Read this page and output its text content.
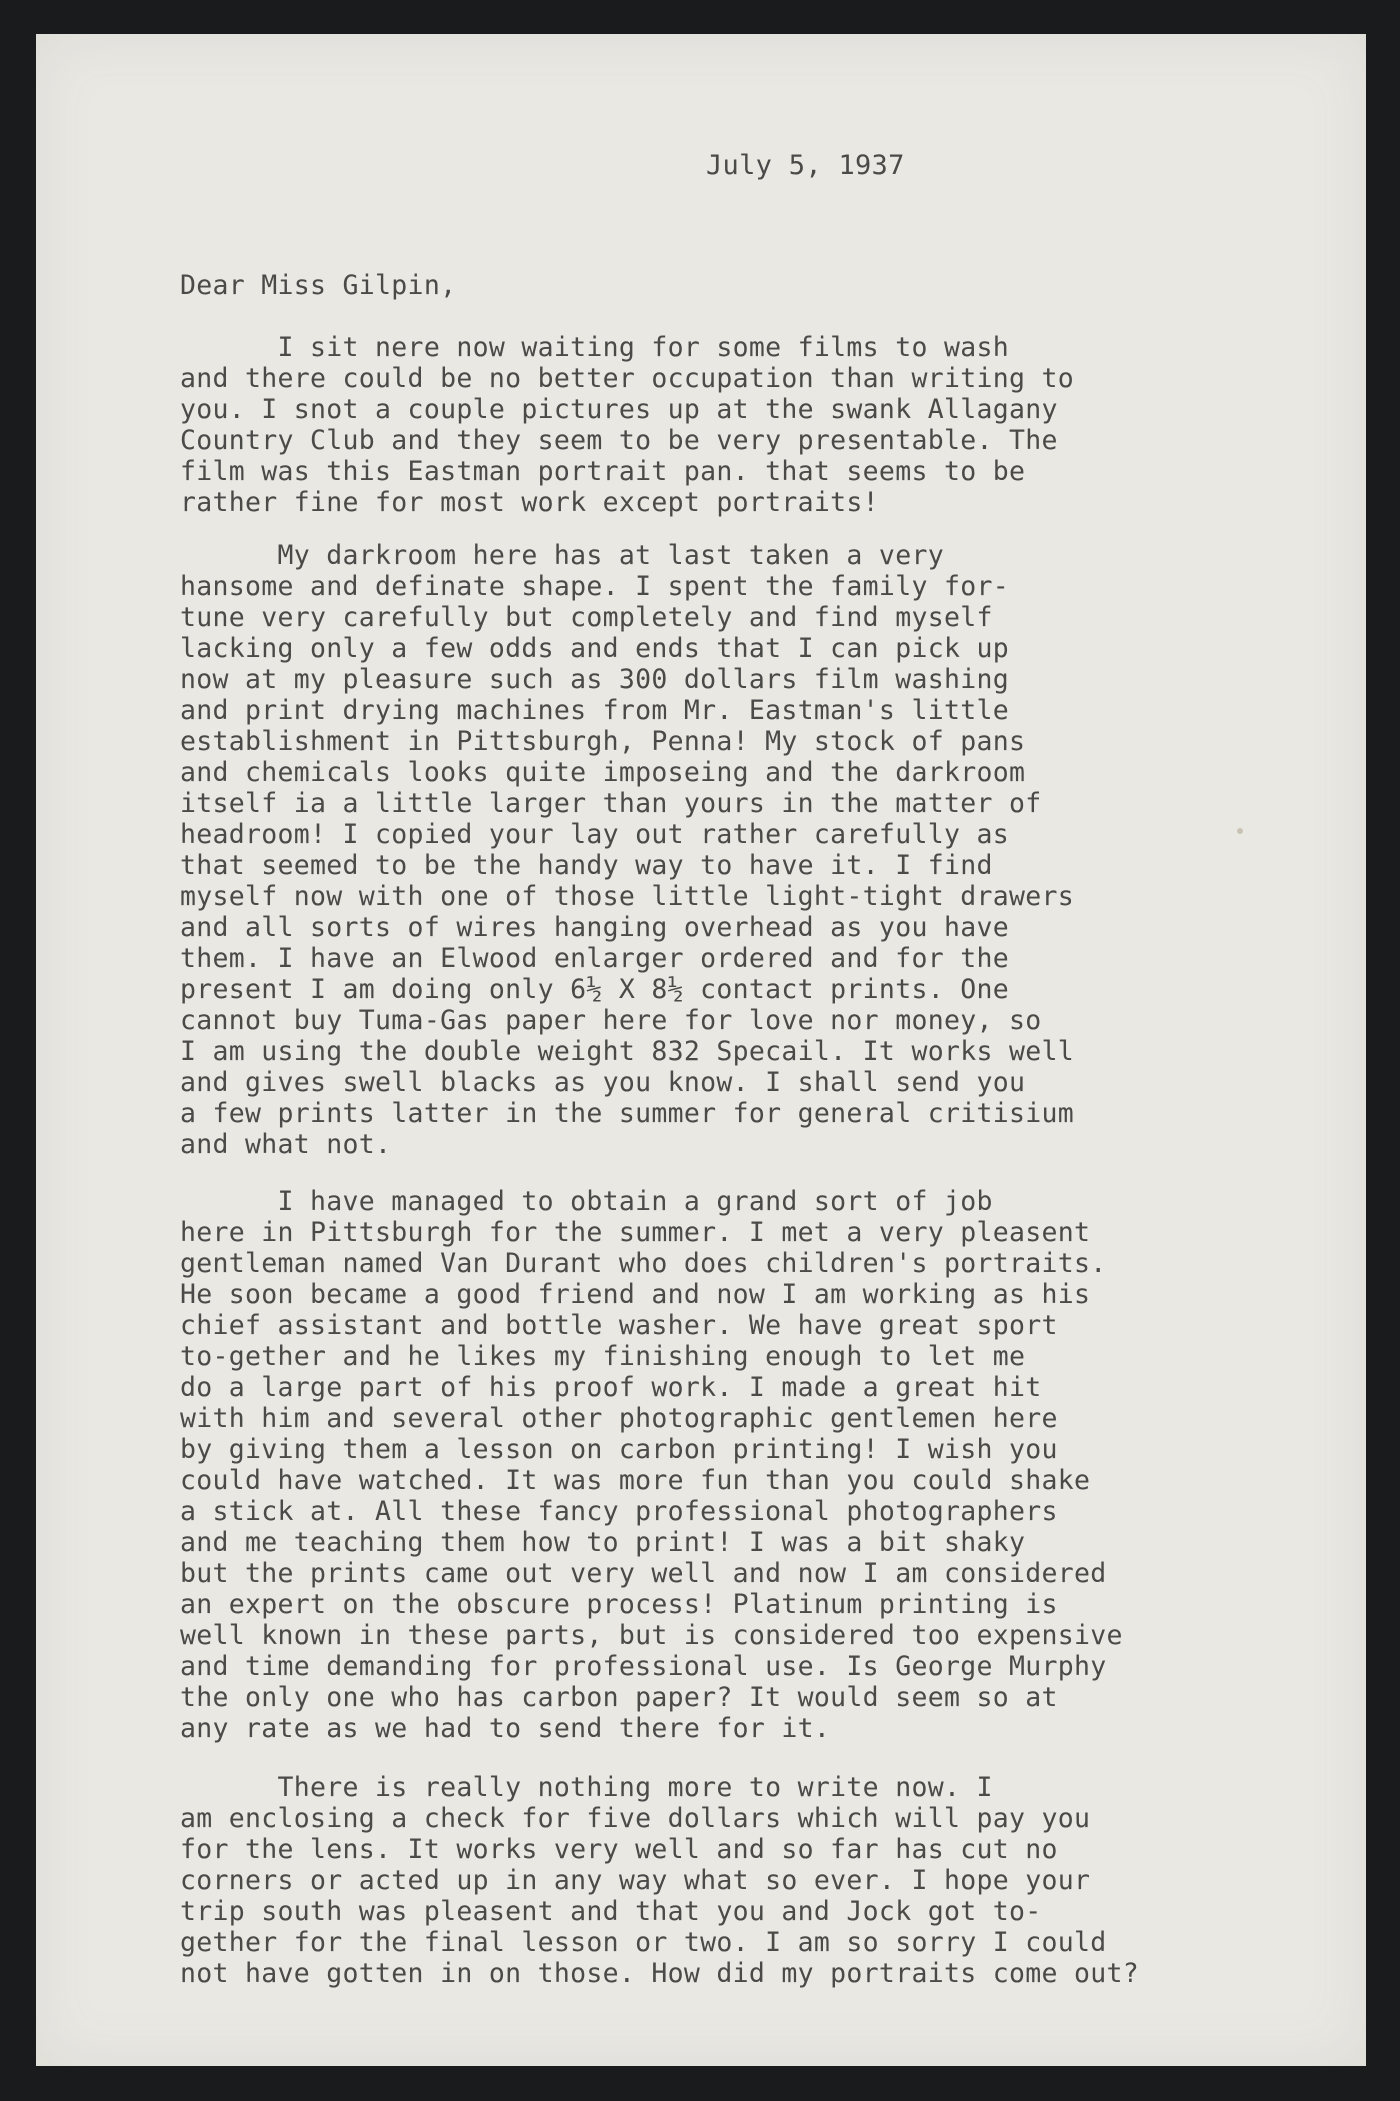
July 5, 1937
Dear Miss Gilpin,
I sit nere now waiting for some films to wash
and there could be no better occupation than writing to
you. I snot a couple pictures up at the swank Allagany
Country Club and they seem to be very presentable. The
film was this Eastman portrait pan. that seems to be
rather fine for most work except portraits!
My darkroom here has at last taken a very
hansome and definate shape. I spent the family for-
tune very carefully but completely and find myself
lacking only a few odds and ends that I can pick up
now at my pleasure such as 300 dollars film washing
and print drying machines from Mr. Eastman's little
establishment in Pittsburgh, Penna! My stock of pans
and chemicals looks quite imposeing and the darkroom
itself ia a little larger than yours in the matter of
headroom! I copied your lay out rather carefully as
that seemed to be the handy way to have it. I find
myself now with one of those little light-tight drawers
and all sorts of wires hanging overhead as you have
them. I have an Elwood enlarger ordered and for the
present I am doing only 6½ X 8½ contact prints. One
cannot buy Tuma-Gas paper here for love nor money, so
I am using the double weight 832 Specail. It works well
and gives swell blacks as you know. I shall send you
a few prints latter in the summer for general critisium
and what not.
I have managed to obtain a grand sort of job
here in Pittsburgh for the summer. I met a very pleasent
gentleman named Van Durant who does children's portraits.
He soon became a good friend and now I am working as his
chief assistant and bottle washer. We have great sport
to-gether and he likes my finishing enough to let me
do a large part of his proof work. I made a great hit
with him and several other photographic gentlemen here
by giving them a lesson on carbon printing! I wish you
could have watched. It was more fun than you could shake
a stick at. All these fancy professional photographers
and me teaching them how to print! I was a bit shaky
but the prints came out very well and now I am considered
an expert on the obscure process! Platinum printing is
well known in these parts, but is considered too expensive
and time demanding for professional use. Is George Murphy
the only one who has carbon paper? It would seem so at
any rate as we had to send there for it.
There is really nothing more to write now. I
am enclosing a check for five dollars which will pay you
for the lens. It works very well and so far has cut no
corners or acted up in any way what so ever. I hope your
trip south was pleasent and that you and Jock got to-
gether for the final lesson or two. I am so sorry I could
not have gotten in on those. How did my portraits come out?
